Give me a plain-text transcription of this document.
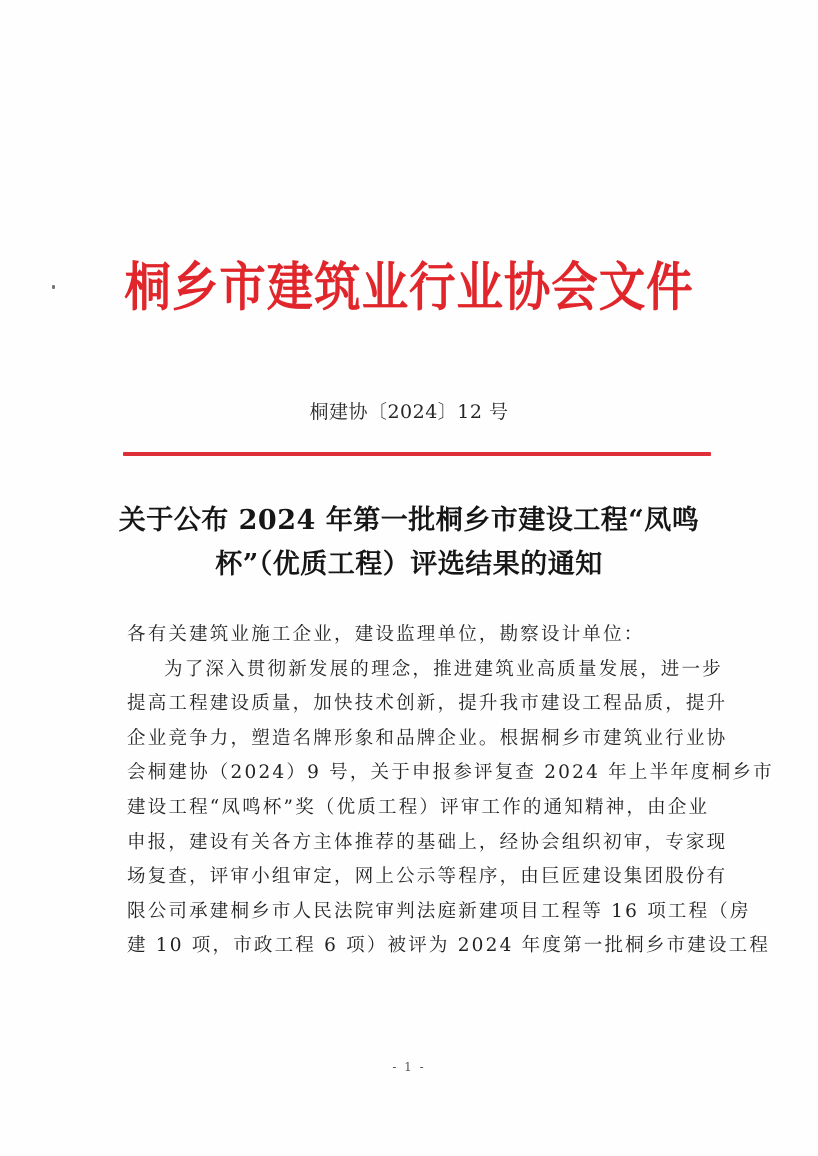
桐乡市建筑业行业协会文件
桐建协〔2024〕12 号
关于公布 2024 年第一批桐乡市建设工程“凤鸣
杯”（优质工程）评选结果的通知
各有关建筑业施工企业，建设监理单位，勘察设计单位：
为了深入贯彻新发展的理念，推进建筑业高质量发展，进一步
提高工程建设质量，加快技术创新，提升我市建设工程品质，提升
企业竞争力，塑造名牌形象和品牌企业。根据桐乡市建筑业行业协
会桐建协（2024）9 号，关于申报参评复查 2024 年上半年度桐乡市
建设工程“凤鸣杯”奖（优质工程）评审工作的通知精神，由企业
申报，建设有关各方主体推荐的基础上，经协会组织初审，专家现
场复查，评审小组审定，网上公示等程序，由巨匠建设集团股份有
限公司承建桐乡市人民法院审判法庭新建项目工程等 16 项工程（房
建 10 项，市政工程 6 项）被评为 2024 年度第一批桐乡市建设工程
- 1 -
